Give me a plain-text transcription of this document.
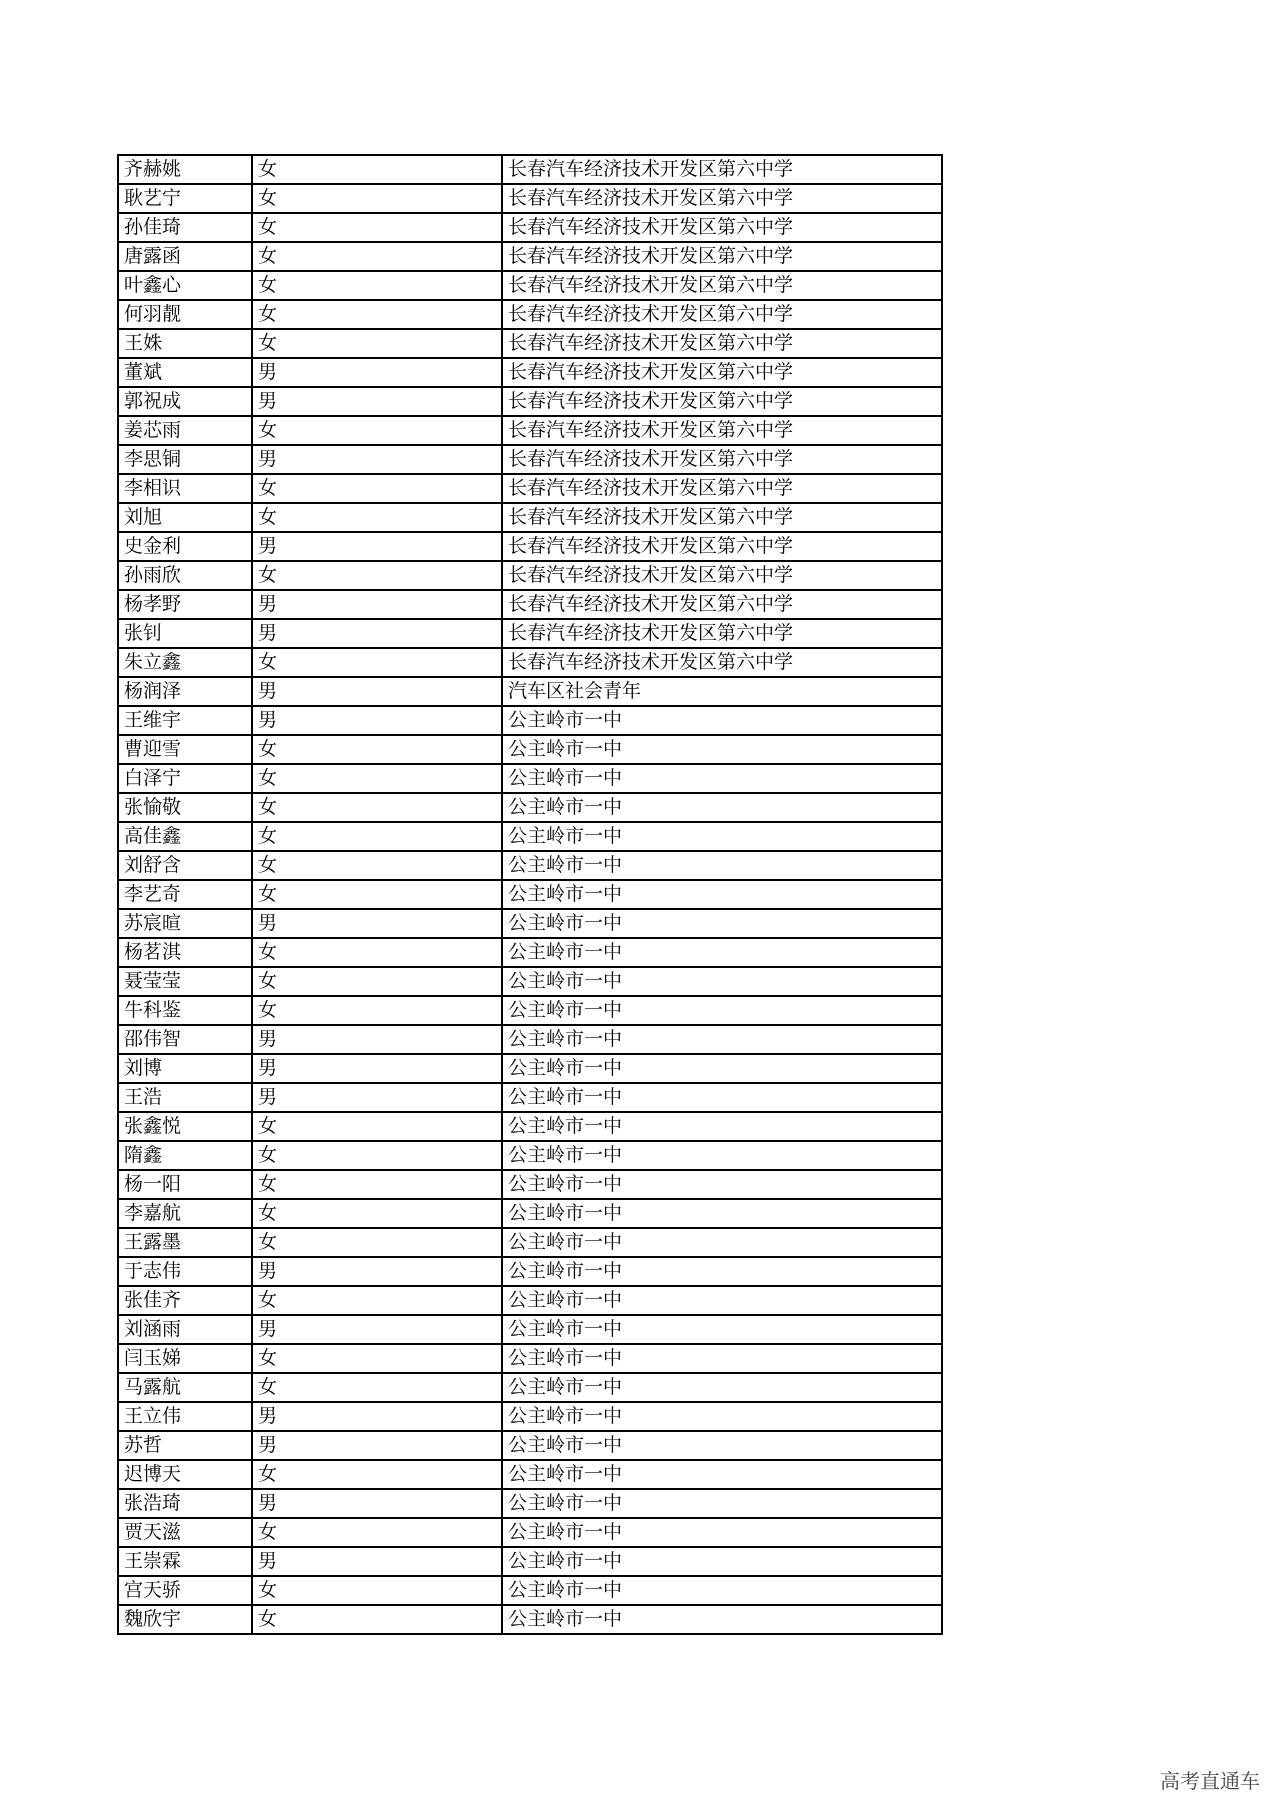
齐赫姚	女	长春汽车经济技术开发区第六中学
耿艺宁	女	长春汽车经济技术开发区第六中学
孙佳琦	女	长春汽车经济技术开发区第六中学
唐露函	女	长春汽车经济技术开发区第六中学
叶鑫心	女	长春汽车经济技术开发区第六中学
何羽靓	女	长春汽车经济技术开发区第六中学
王姝	女	长春汽车经济技术开发区第六中学
董斌	男	长春汽车经济技术开发区第六中学
郭祝成	男	长春汽车经济技术开发区第六中学
姜芯雨	女	长春汽车经济技术开发区第六中学
李思铜	男	长春汽车经济技术开发区第六中学
李相识	女	长春汽车经济技术开发区第六中学
刘旭	女	长春汽车经济技术开发区第六中学
史金利	男	长春汽车经济技术开发区第六中学
孙雨欣	女	长春汽车经济技术开发区第六中学
杨孝野	男	长春汽车经济技术开发区第六中学
张钊	男	长春汽车经济技术开发区第六中学
朱立鑫	女	长春汽车经济技术开发区第六中学
杨润泽	男	汽车区社会青年
王维宇	男	公主岭市一中
曹迎雪	女	公主岭市一中
白泽宁	女	公主岭市一中
张愉敬	女	公主岭市一中
高佳鑫	女	公主岭市一中
刘舒含	女	公主岭市一中
李艺奇	女	公主岭市一中
苏宸暄	男	公主岭市一中
杨茗淇	女	公主岭市一中
聂莹莹	女	公主岭市一中
牛科鉴	女	公主岭市一中
邵伟智	男	公主岭市一中
刘博	男	公主岭市一中
王浩	男	公主岭市一中
张鑫悦	女	公主岭市一中
隋鑫	女	公主岭市一中
杨一阳	女	公主岭市一中
李嘉航	女	公主岭市一中
王露墨	女	公主岭市一中
于志伟	男	公主岭市一中
张佳齐	女	公主岭市一中
刘涵雨	男	公主岭市一中
闫玉娣	女	公主岭市一中
马露航	女	公主岭市一中
王立伟	男	公主岭市一中
苏哲	男	公主岭市一中
迟博天	女	公主岭市一中
张浩琦	男	公主岭市一中
贾天滋	女	公主岭市一中
王崇霖	男	公主岭市一中
宫天骄	女	公主岭市一中
魏欣宇	女	公主岭市一中
高考直通车
